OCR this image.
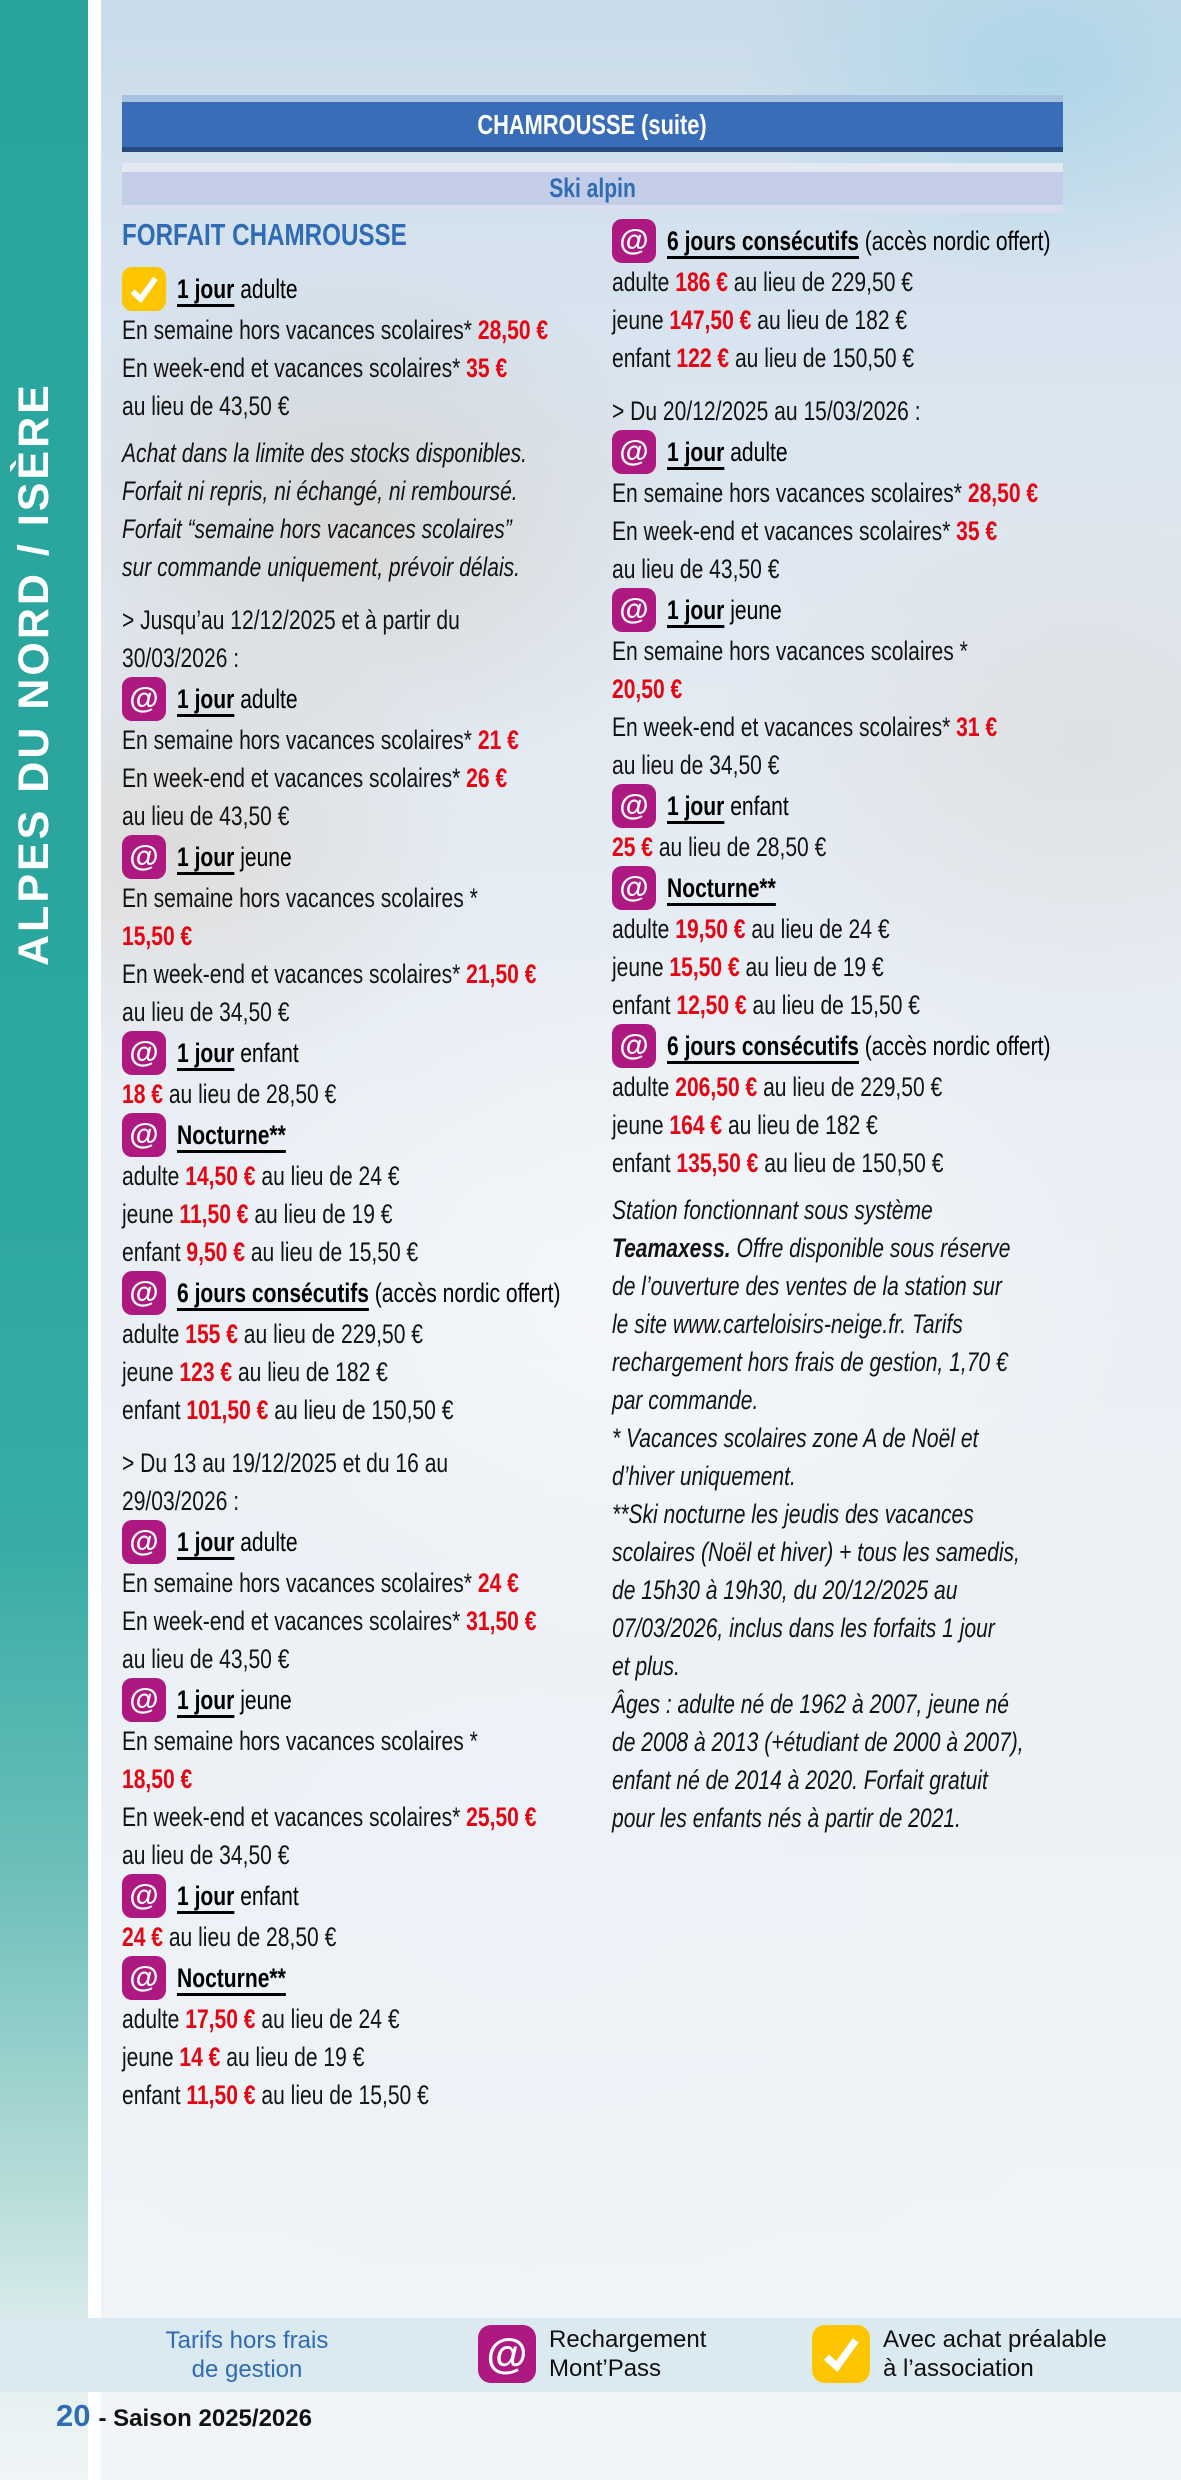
ALPES DU NORD / ISÈRE
CHAMROUSSE (suite)
Ski alpin
FORFAIT CHAMROUSSE
1 jour adulte
En semaine hors vacances scolaires* 28,50 €
En week-end et vacances scolaires* 35 €
au lieu de 43,50 €
Achat dans la limite des stocks disponibles.
Forfait ni repris, ni échangé, ni remboursé.
Forfait “semaine hors vacances scolaires”
sur commande uniquement, prévoir délais.
> Jusqu’au 12/12/2025 et à partir du
30/03/2026 :
@ 1 jour adulte
En semaine hors vacances scolaires* 21 €
En week-end et vacances scolaires* 26 €
au lieu de 43,50 €
@ 1 jour jeune
En semaine hors vacances scolaires *
15,50 €
En week-end et vacances scolaires* 21,50 €
au lieu de 34,50 €
@ 1 jour enfant
18 € au lieu de 28,50 €
@ Nocturne**
adulte 14,50 € au lieu de 24 €
jeune 11,50 € au lieu de 19 €
enfant 9,50 € au lieu de 15,50 €
@ 6 jours consécutifs (accès nordic offert)
adulte 155 € au lieu de 229,50 €
jeune 123 € au lieu de 182 €
enfant 101,50 € au lieu de 150,50 €
> Du 13 au 19/12/2025 et du 16 au
29/03/2026 :
@ 1 jour adulte
En semaine hors vacances scolaires* 24 €
En week-end et vacances scolaires* 31,50 €
au lieu de 43,50 €
@ 1 jour jeune
En semaine hors vacances scolaires *
18,50 €
En week-end et vacances scolaires* 25,50 €
au lieu de 34,50 €
@ 1 jour enfant
24 € au lieu de 28,50 €
@ Nocturne**
adulte 17,50 € au lieu de 24 €
jeune 14 € au lieu de 19 €
enfant 11,50 € au lieu de 15,50 €
@ 6 jours consécutifs (accès nordic offert)
adulte 186 € au lieu de 229,50 €
jeune 147,50 € au lieu de 182 €
enfant 122 € au lieu de 150,50 €
> Du 20/12/2025 au 15/03/2026 :
@ 1 jour adulte
En semaine hors vacances scolaires* 28,50 €
En week-end et vacances scolaires* 35 €
au lieu de 43,50 €
@ 1 jour jeune
En semaine hors vacances scolaires *
20,50 €
En week-end et vacances scolaires* 31 €
au lieu de 34,50 €
@ 1 jour enfant
25 € au lieu de 28,50 €
@ Nocturne**
adulte 19,50 € au lieu de 24 €
jeune 15,50 € au lieu de 19 €
enfant 12,50 € au lieu de 15,50 €
@ 6 jours consécutifs (accès nordic offert)
adulte 206,50 € au lieu de 229,50 €
jeune 164 € au lieu de 182 €
enfant 135,50 € au lieu de 150,50 €
Station fonctionnant sous système
Teamaxess. Offre disponible sous réserve
de l’ouverture des ventes de la station sur
le site www.carteloisirs-neige.fr. Tarifs
rechargement hors frais de gestion, 1,70 €
par commande.
* Vacances scolaires zone A de Noël et
d’hiver uniquement.
**Ski nocturne les jeudis des vacances
scolaires (Noël et hiver) + tous les samedis,
de 15h30 à 19h30, du 20/12/2025 au
07/03/2026, inclus dans les forfaits 1 jour
et plus.
Âges : adulte né de 1962 à 2007, jeune né
de 2008 à 2013 (+étudiant de 2000 à 2007),
enfant né de 2014 à 2020. Forfait gratuit
pour les enfants nés à partir de 2021.
Tarifs hors frais
de gestion	@ Rechargement
Mont’Pass
Avec achat préalable
à l’association
20 - Saison 2025/2026
